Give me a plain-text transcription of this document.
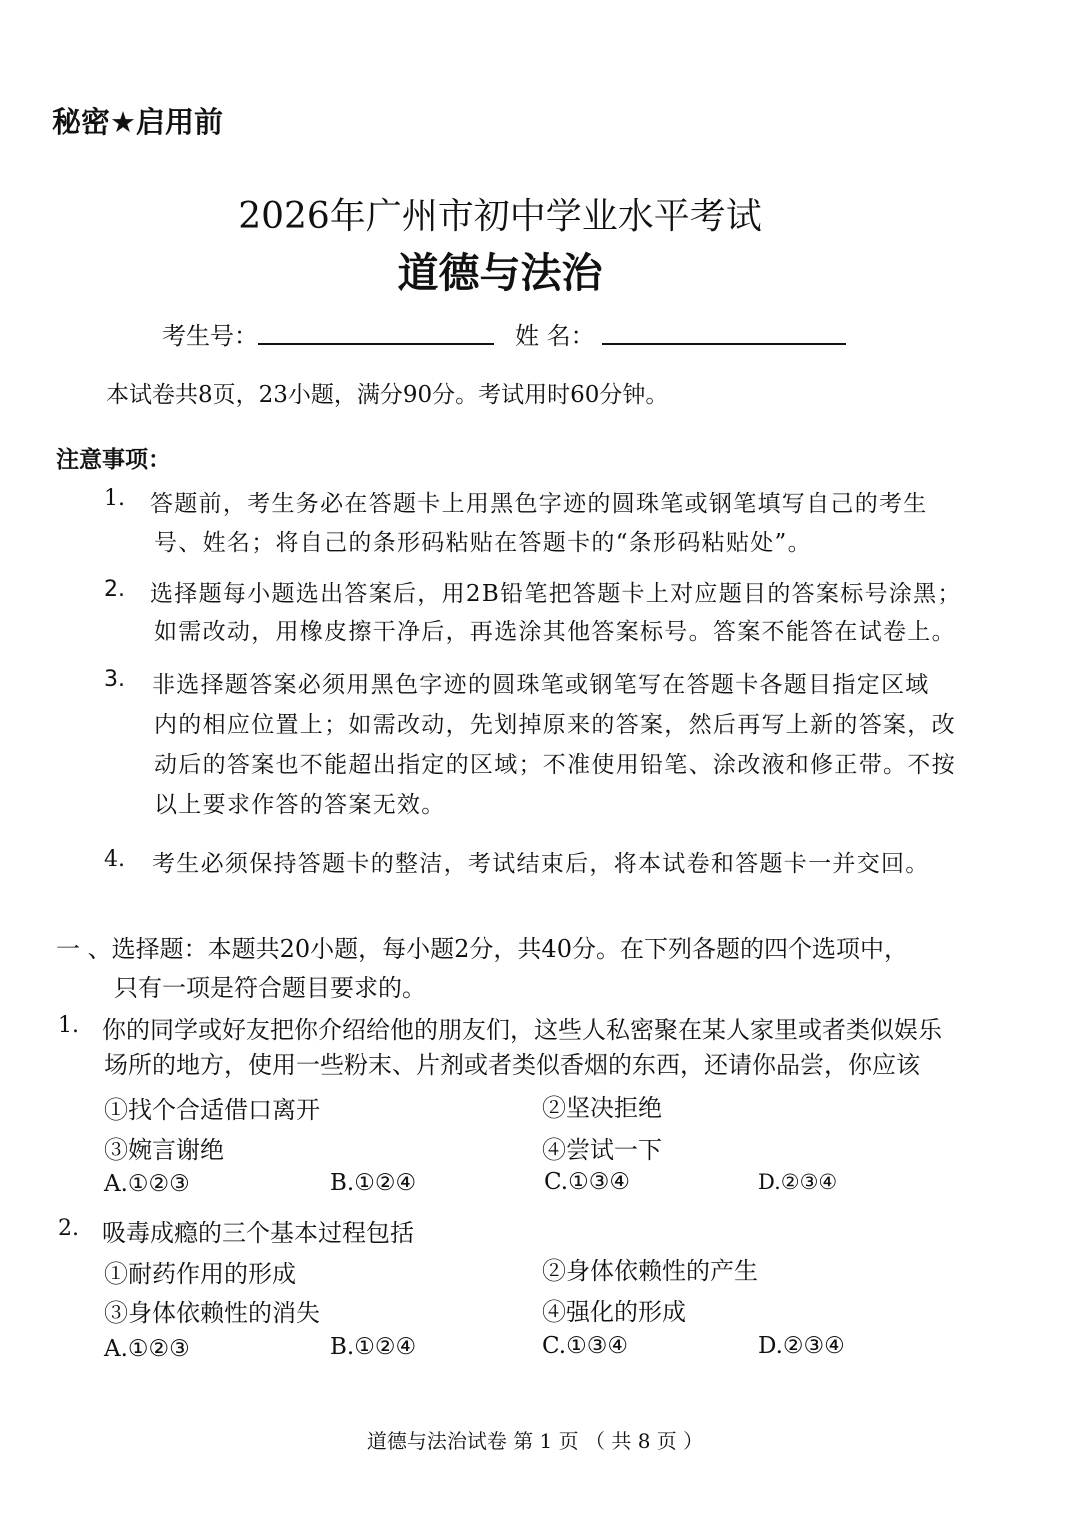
秘密★启用前
2026年广州市初中学业水平考试
道德与法治
考生号：	姓 名：
本试卷共8页，23小题，满分90分。考试用时60分钟。
注意事项：
1. 答题前，考生务必在答题卡上用黑色字迹的圆珠笔或钢笔填写自己的考生
号、姓名；将自己的条形码粘贴在答题卡的“条形码粘贴处”。
2. 选择题每小题选出答案后，用2B铅笔把答题卡上对应题目的答案标号涂黑；
如需改动，用橡皮擦干净后，再选涂其他答案标号。答案不能答在试卷上。
3. 非选择题答案必须用黑色字迹的圆珠笔或钢笔写在答题卡各题目指定区域
内的相应位置上；如需改动，先划掉原来的答案，然后再写上新的答案，改
动后的答案也不能超出指定的区域；不准使用铅笔、涂改液和修正带。不按
以上要求作答的答案无效。
4. 考生必须保持答题卡的整洁，考试结束后，将本试卷和答题卡一并交回。
一 、选择题：本题共20小题，每小题2分，共40分。在下列各题的四个选项中，
只有一项是符合题目要求的。
1. 你的同学或好友把你介绍给他的朋友们，这些人私密聚在某人家里或者类似娱乐
场所的地方，使用一些粉末、片剂或者类似香烟的东西，还请你品尝，你应该
①找个合适借口离开	②坚决拒绝
③婉言谢绝	④尝试一下
A.①②③	B.①②④	C.①③④	D.②③④
2. 吸毒成瘾的三个基本过程包括
①耐药作用的形成	②身体依赖性的产生
③身体依赖性的消失	④强化的形成
A.①②③	B.①②④	C.①③④	D.②③④
道德与法治试卷 第 1 页 （ 共 8 页 ）
